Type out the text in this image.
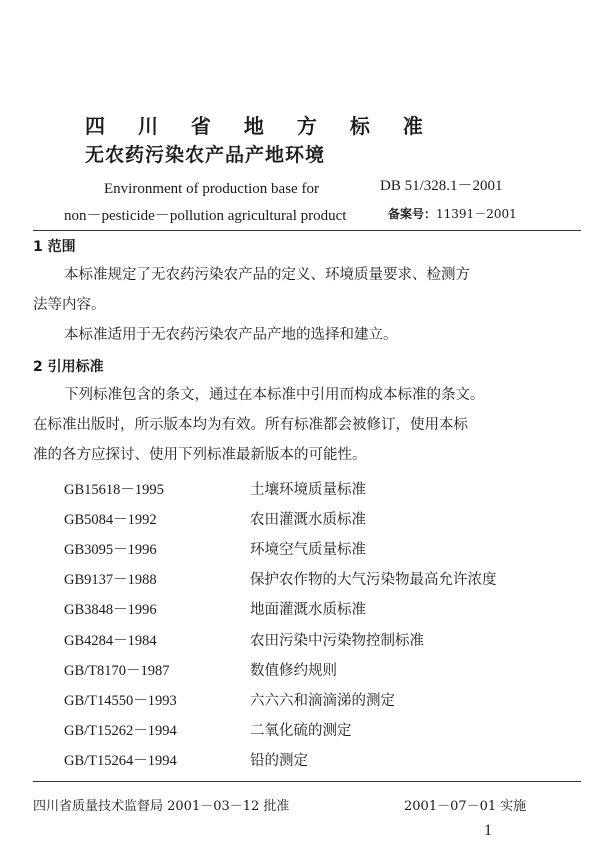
四 川 省 地 方 标 准
无农药污染农产品产地环境
Environment of production base for
non－pesticide－pollution agricultural product
DB 51/328.1－2001
备案号：11391－2001
1 范围
本标准规定了无农药污染农产品的定义、环境质量要求、检测方
法等内容。
本标准适用于无农药污染农产品产地的选择和建立。
2 引用标准
下列标准包含的条文，通过在本标准中引用而构成本标准的条文。
在标准出版时，所示版本均为有效。所有标准都会被修订，使用本标
准的各方应探讨、使用下列标准最新版本的可能性。
GB15618－1995	土壤环境质量标准
GB5084－1992	农田灌溉水质标准
GB3095－1996	环境空气质量标准
GB9137－1988	保护农作物的大气污染物最高允许浓度
GB3848－1996	地面灌溉水质标准
GB4284－1984	农田污染中污染物控制标准
GB/T8170－1987	数值修约规则
GB/T14550－1993	六六六和滴滴涕的测定
GB/T15262－1994	二氧化硫的测定
GB/T15264－1994	铅的测定
四川省质量技术监督局 2001－03－12 批准	2001－07－01 实施
1
